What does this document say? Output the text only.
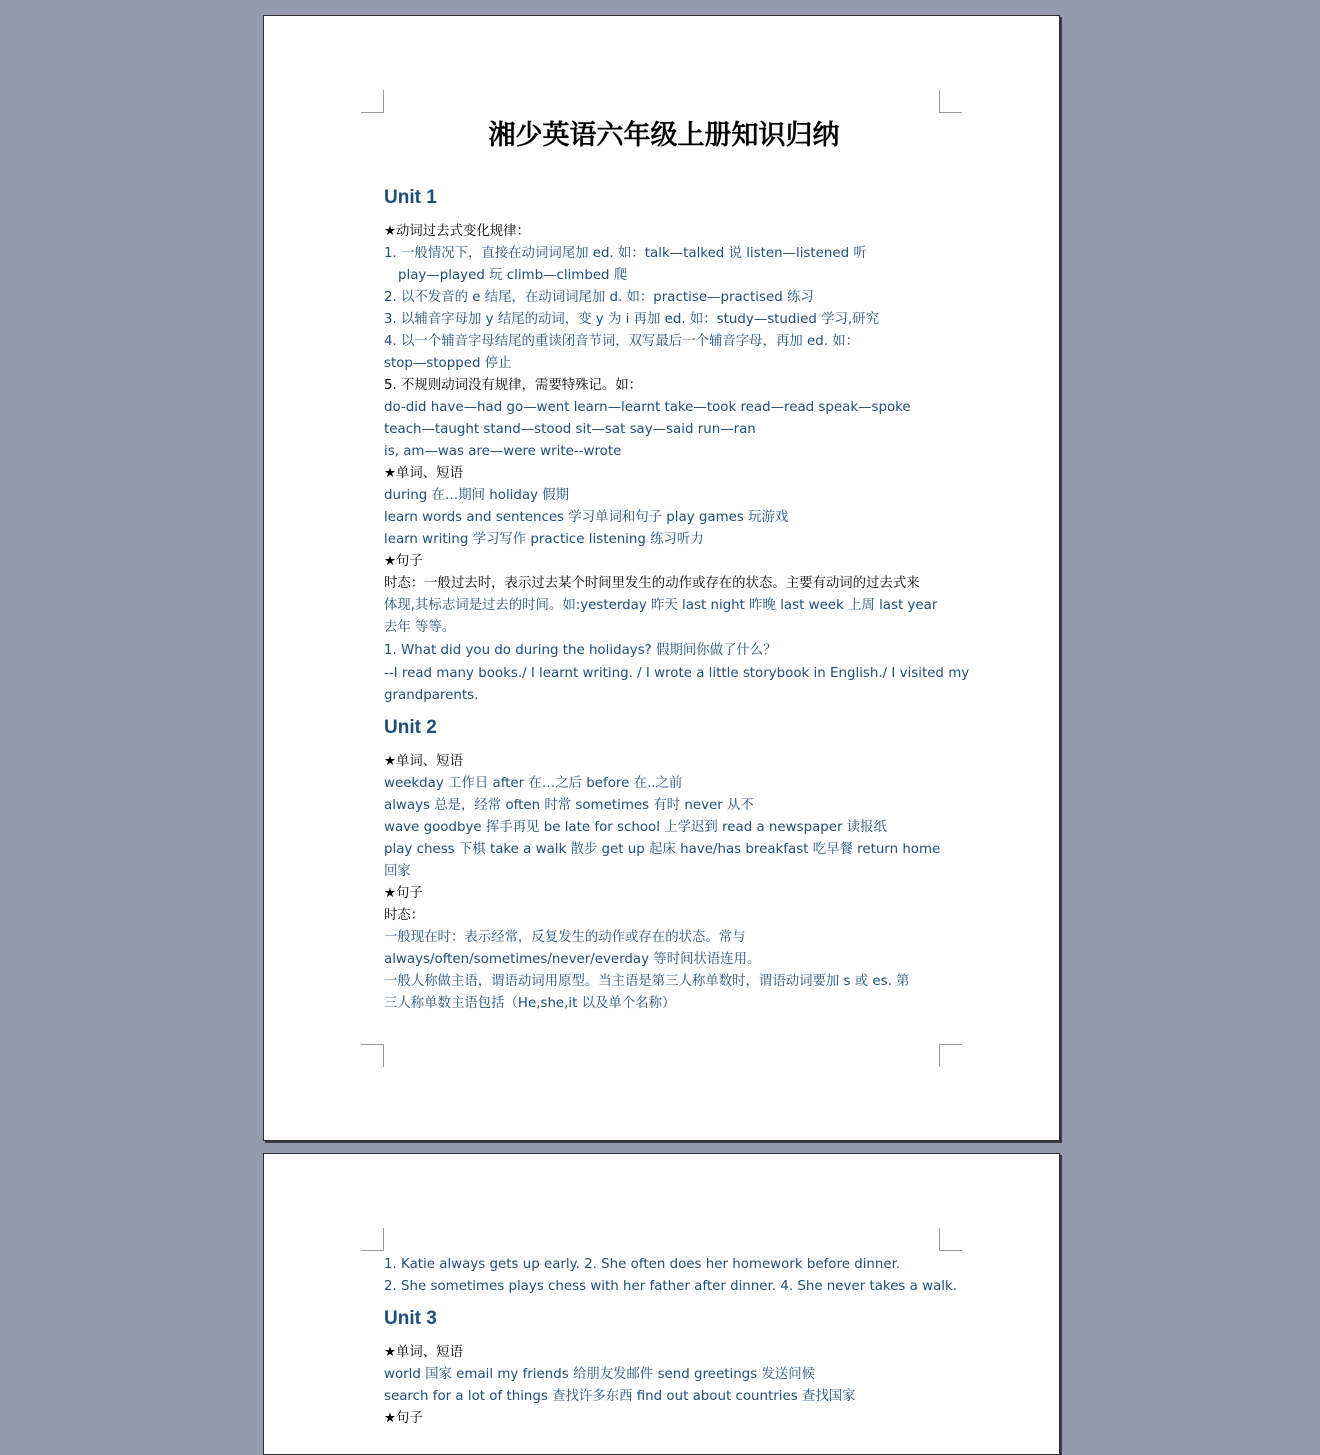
湘少英语六年级上册知识归纳
Unit 1
★动词过去式变化规律：
1. 一般情况下，直接在动词词尾加 ed. 如：talk—talked 说 listen—listened 听
play—played 玩 climb—climbed 爬
2. 以不发音的 e 结尾，在动词词尾加 d. 如：practise—practised 练习
3. 以辅音字母加 y 结尾的动词，变 y 为 i 再加 ed. 如：study—studied 学习,研究
4. 以一个辅音字母结尾的重读闭音节词，双写最后一个辅音字母，再加 ed. 如：
stop—stopped 停止
5. 不规则动词没有规律，需要特殊记。如：
do-did have—had go—went learn—learnt take—took read—read speak—spoke
teach—taught stand—stood sit—sat say—said run—ran
is, am—was are—were write--wrote
★单词、短语
during 在…期间 holiday 假期
learn words and sentences 学习单词和句子 play games 玩游戏
learn writing 学习写作 practice listening 练习听力
★句子
时态：一般过去时，表示过去某个时间里发生的动作或存在的状态。主要有动词的过去式来
体现,其标志词是过去的时间。如:yesterday 昨天 last night 昨晚 last week 上周 last year
去年 等等。
1. What did you do during the holidays? 假期间你做了什么？
--I read many books./ I learnt writing. / I wrote a little storybook in English./ I visited my
grandparents.
Unit 2
★单词、短语
weekday 工作日 after 在…之后 before 在..之前
always 总是，经常 often 时常 sometimes 有时 never 从不
wave goodbye 挥手再见 be late for school 上学迟到 read a newspaper 读报纸
play chess 下棋 take a walk 散步 get up 起床 have/has breakfast 吃早餐 return home
回家
★句子
时态：
一般现在时：表示经常，反复发生的动作或存在的状态。常与
always/often/sometimes/never/everday 等时间状语连用。
一般人称做主语，谓语动词用原型。当主语是第三人称单数时，谓语动词要加 s 或 es. 第
三人称单数主语包括（He,she,it 以及单个名称）
1. Katie always gets up early. 2. She often does her homework before dinner.
2. She sometimes plays chess with her father after dinner. 4. She never takes a walk.
Unit 3
★单词、短语
world 国家 email my friends 给朋友发邮件 send greetings 发送问候
search for a lot of things 查找许多东西 find out about countries 查找国家
★句子
